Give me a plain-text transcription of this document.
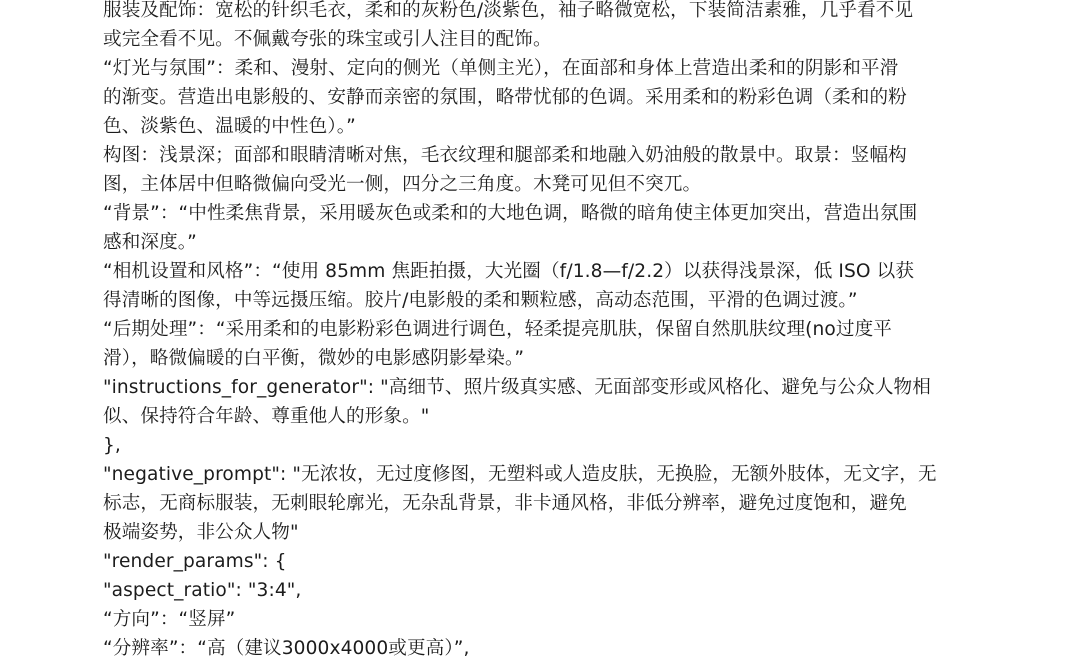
服装及配饰：宽松的针织毛衣，柔和的灰粉色/淡紫色，袖子略微宽松，下装简洁素雅，几乎看不见
或完全看不见。不佩戴夸张的珠宝或引人注目的配饰。
“灯光与氛围”：柔和、漫射、定向的侧光（单侧主光），在面部和身体上营造出柔和的阴影和平滑
的渐变。营造出电影般的、安静而亲密的氛围，略带忧郁的色调。采用柔和的粉彩色调（柔和的粉
色、淡紫色、温暖的中性色）。”
构图：浅景深；面部和眼睛清晰对焦，毛衣纹理和腿部柔和地融入奶油般的散景中。取景：竖幅构
图，主体居中但略微偏向受光一侧，四分之三角度。木凳可见但不突兀。
“背景”：“中性柔焦背景，采用暖灰色或柔和的大地色调，略微的暗角使主体更加突出，营造出氛围
感和深度。”
“相机设置和风格”：“使用 85mm 焦距拍摄，大光圈（f/1.8—f/2.2）以获得浅景深，低 ISO 以获
得清晰的图像，中等远摄压缩。胶片/电影般的柔和颗粒感，高动态范围，平滑的色调过渡。”
“后期处理”：“采用柔和的电影粉彩色调进行调色，轻柔提亮肌肤，保留自然肌肤纹理(no过度平
滑），略微偏暖的白平衡，微妙的电影感阴影晕染。”
"instructions_for_generator": "高细节、照片级真实感、无面部变形或风格化、避免与公众人物相
似、保持符合年龄、尊重他人的形象。"
},
"negative_prompt": "无浓妆，无过度修图，无塑料或人造皮肤，无换脸，无额外肢体，无文字，无
标志，无商标服装，无刺眼轮廓光，无杂乱背景，非卡通风格，非低分辨率，避免过度饱和，避免
极端姿势，非公众人物"
"render_params": {
"aspect_ratio": "3:4",
“方向”：“竖屏”
“分辨率”：“高（建议3000x4000或更高）”,
